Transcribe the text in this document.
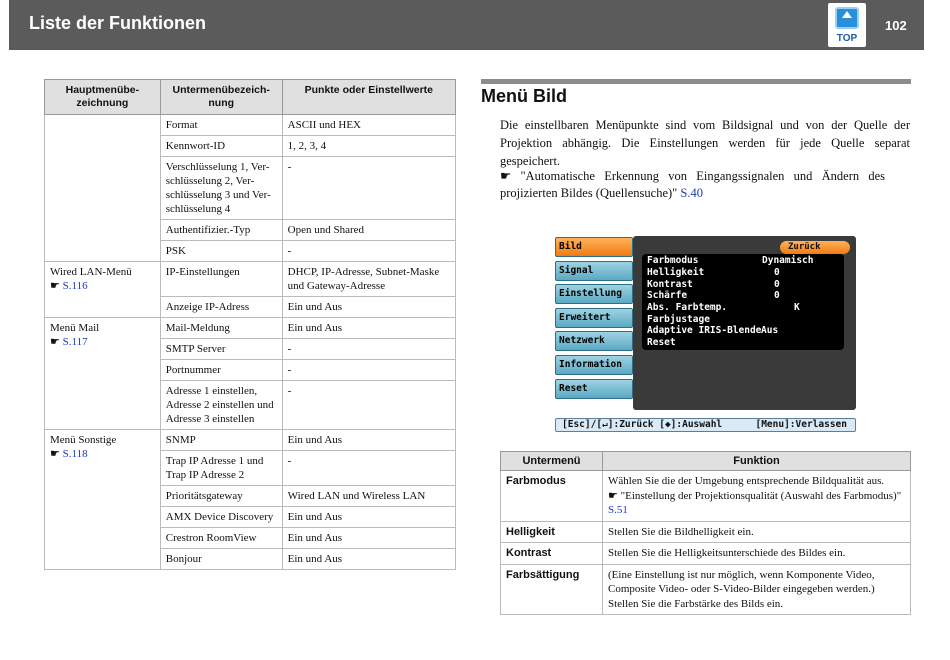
Liste der Funktionen
TOP
102
Hauptmenübe-zeichnung	Untermenübezeich-nung	Punkte oder Einstellwerte
	Format	ASCII und HEX
	Kennwort-ID	1, 2, 3, 4
	Verschlüsselung 1, Ver-schlüsselung 2, Ver-schlüsselung 3 und Ver-schlüsselung 4	-
	Authentifizier.-Typ	Open und Shared
	PSK	-
Wired LAN-Menü
☛ S.116	IP-Einstellungen	DHCP, IP-Adresse, Subnet-Maske und Gateway-Adresse
	Anzeige IP-Adress	Ein und Aus
Menü Mail
☛ S.117	Mail-Meldung	Ein und Aus
	SMTP Server	-
	Portnummer	-
	Adresse 1 einstellen, Adresse 2 einstellen und Adresse 3 einstellen	-
Menü Sonstige
☛ S.118	SNMP	Ein und Aus
	Trap IP Adresse 1 und Trap IP Adresse 2	-
	Prioritätsgateway	Wired LAN und Wireless LAN
	AMX Device Discovery	Ein und Aus
	Crestron RoomView	Ein und Aus
	Bonjour	Ein und Aus
Menü Bild

Die einstellbaren Menüpunkte sind vom Bildsignal und von der Quelle der Projektion abhängig. Die Einstellungen werden für jede Quelle separat gespeichert.

☛ "Automatische Erkennung von Eingangssignalen und Ändern des projizierten Bildes (Quellensuche)" S.40

Bild
Signal
Einstellung
Erweitert
Netzwerk
Information
Reset
Zurück
Farbmodus
Helligkeit
Kontrast
Schärfe
Abs. Farbtemp.
Farbjustage
Adaptive IRIS-Blende
Reset
Dynamisch
0
0
0
K
Aus
[Esc]/[↵]:Zurück [◆]:Auswahl	[Menu]:Verlassen
Untermenü	Funktion
Farbmodus	Wählen Sie die der Umgebung entsprechende Bildqualität aus.
☛ "Einstellung der Projektionsqualität (Auswahl des Farbmodus)" S.51
Helligkeit	Stellen Sie die Bildhelligkeit ein.
Kontrast	Stellen Sie die Helligkeitsunterschiede des Bildes ein.
Farbsättigung	(Eine Einstellung ist nur möglich, wenn Komponente Video, Composite Video- oder S-Video-Bilder eingegeben werden.)
Stellen Sie die Farbstärke des Bilds ein.
